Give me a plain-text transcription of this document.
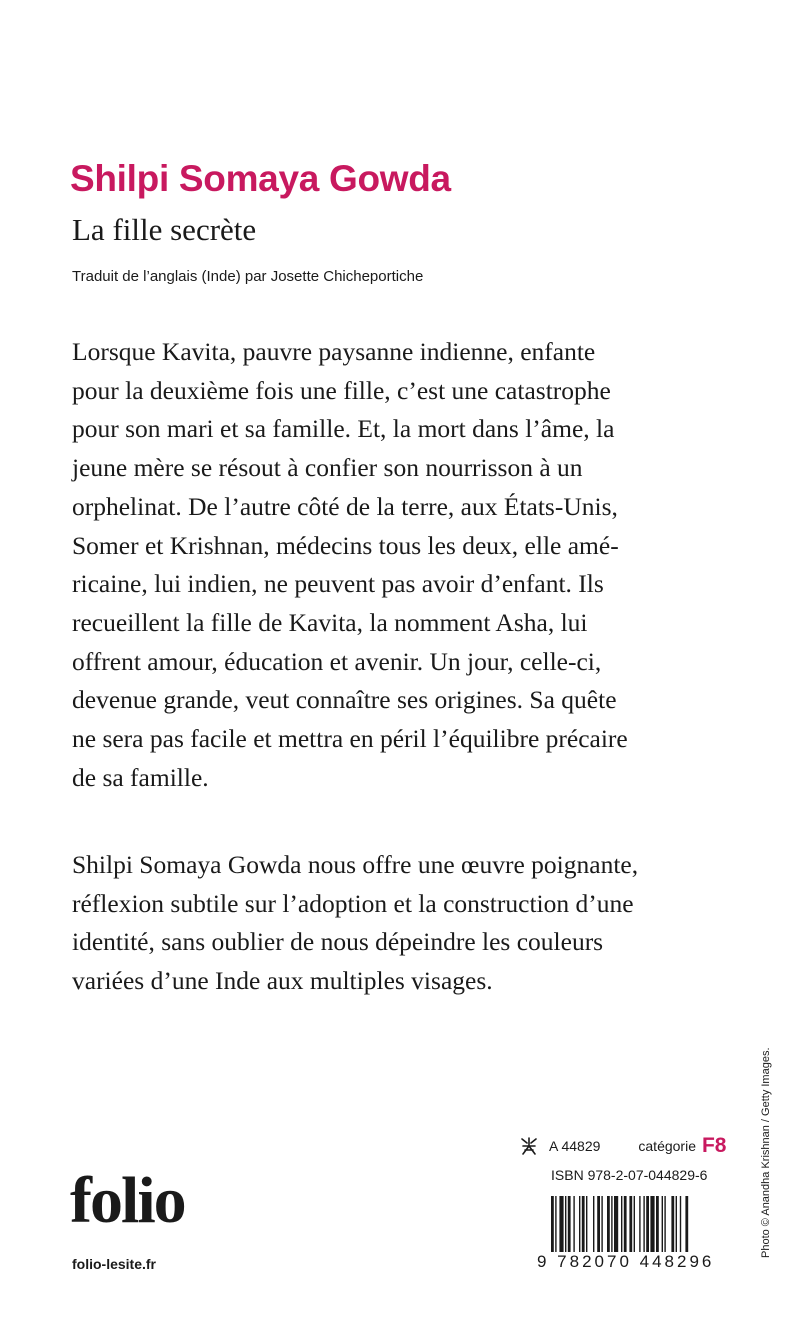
Shilpi Somaya Gowda
La fille secrète
Traduit de l’anglais (Inde) par Josette Chicheportiche

Lorsque Kavita, pauvre paysanne indienne, enfante
pour la deuxième fois une fille, c’est une catastrophe
pour son mari et sa famille. Et, la mort dans l’âme, la
jeune mère se résout à confier son nourrisson à un
orphelinat. De l’autre côté de la terre, aux États-Unis,
Somer et Krishnan, médecins tous les deux, elle amé-
ricaine, lui indien, ne peuvent pas avoir d’enfant. Ils
recueillent la fille de Kavita, la nomment Asha, lui
offrent amour, éducation et avenir. Un jour, celle-ci,
devenue grande, veut connaître ses origines. Sa quête
ne sera pas facile et mettra en péril l’équilibre précaire
de sa famille.

Shilpi Somaya Gowda nous offre une œuvre poignante,
réflexion subtile sur l’adoption et la construction d’une
identité, sans oublier de nous dépeindre les couleurs
variées d’une Inde aux multiples visages.

Photo © Anandha Krishnan / Getty Images.
A 44829	catégorie F8
ISBN 978-2-07-044829-6
9 782070 448296
folio
folio-lesite.fr
